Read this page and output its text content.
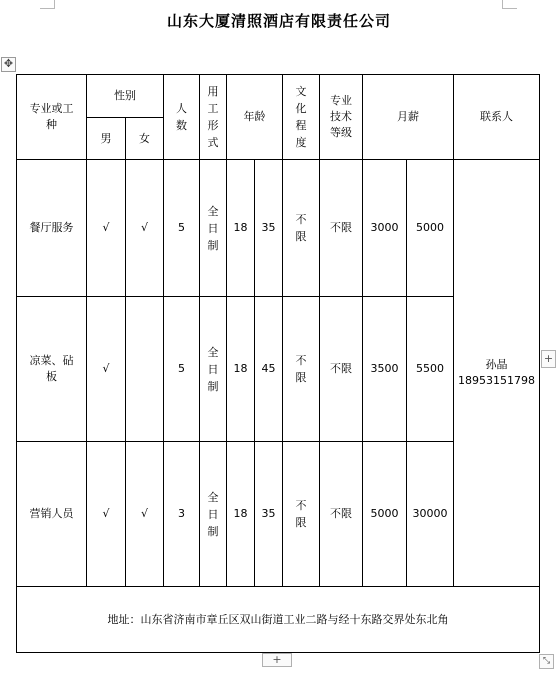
山东大厦清照酒店有限责任公司
✥
专业或工种	性别		人数	用工形式	年龄		文化程度	专业技术等级	月薪		联系人
	男	女									
餐厅服务	√	√	5	全日制	18	35	不限	不限	3000	5000	孙晶
18953151798

凉菜、砧板	√		5	全日制	18	45	不限	不限	3500	5500	
营销人员	√	√	3	全日制	18	35	不限	不限	5000	30000	
地址：山东省济南市章丘区双山街道工业二路与经十东路交界处东北角											
+
+	⤡
